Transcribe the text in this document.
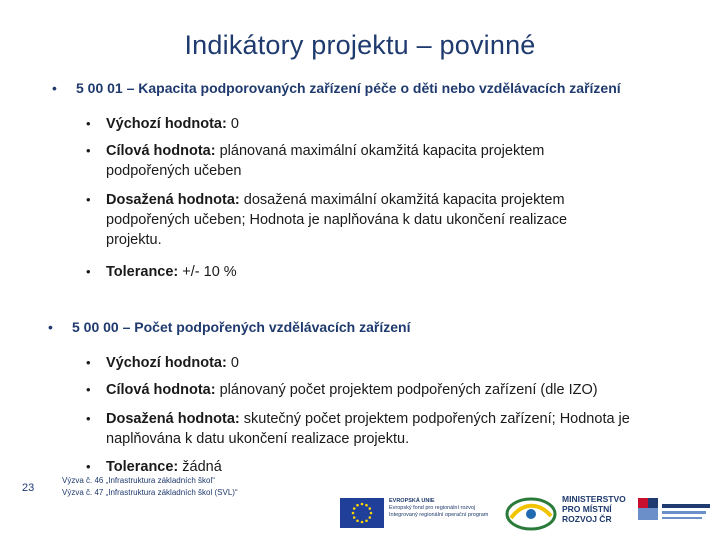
Indikátory projektu – povinné
• 5 00 01 – Kapacita podporovaných zařízení péče o děti nebo vzdělávacích zařízení
• Výchozí hodnota: 0
• Cílová hodnota: plánovaná maximální okamžitá kapacita projektem podpořených učeben
• Dosažená hodnota: dosažená maximální okamžitá kapacita projektem podpořených učeben; Hodnota je naplňována k datu ukončení realizace projektu.
• Tolerance: +/- 10 %
• 5 00 00 – Počet podpořených vzdělávacích zařízení
• Výchozí hodnota: 0
• Cílová hodnota: plánovaný počet projektem podpořených zařízení (dle IZO)
• Dosažená hodnota: skutečný počet projektem podpořených zařízení; Hodnota je naplňována k datu ukončení realizace projektu.
• Tolerance: žádná
23
Výzva č. 46 „Infrastruktura základních škol“
Výzva č. 47 „Infrastruktura základních škol (SVL)“
EVROPSKÁ UNIE
Evropský fond pro regionální rozvoj
Integrovaný regionální operační program
MINISTERSTVO PRO MÍSTNÍ ROZVOJ ČR
